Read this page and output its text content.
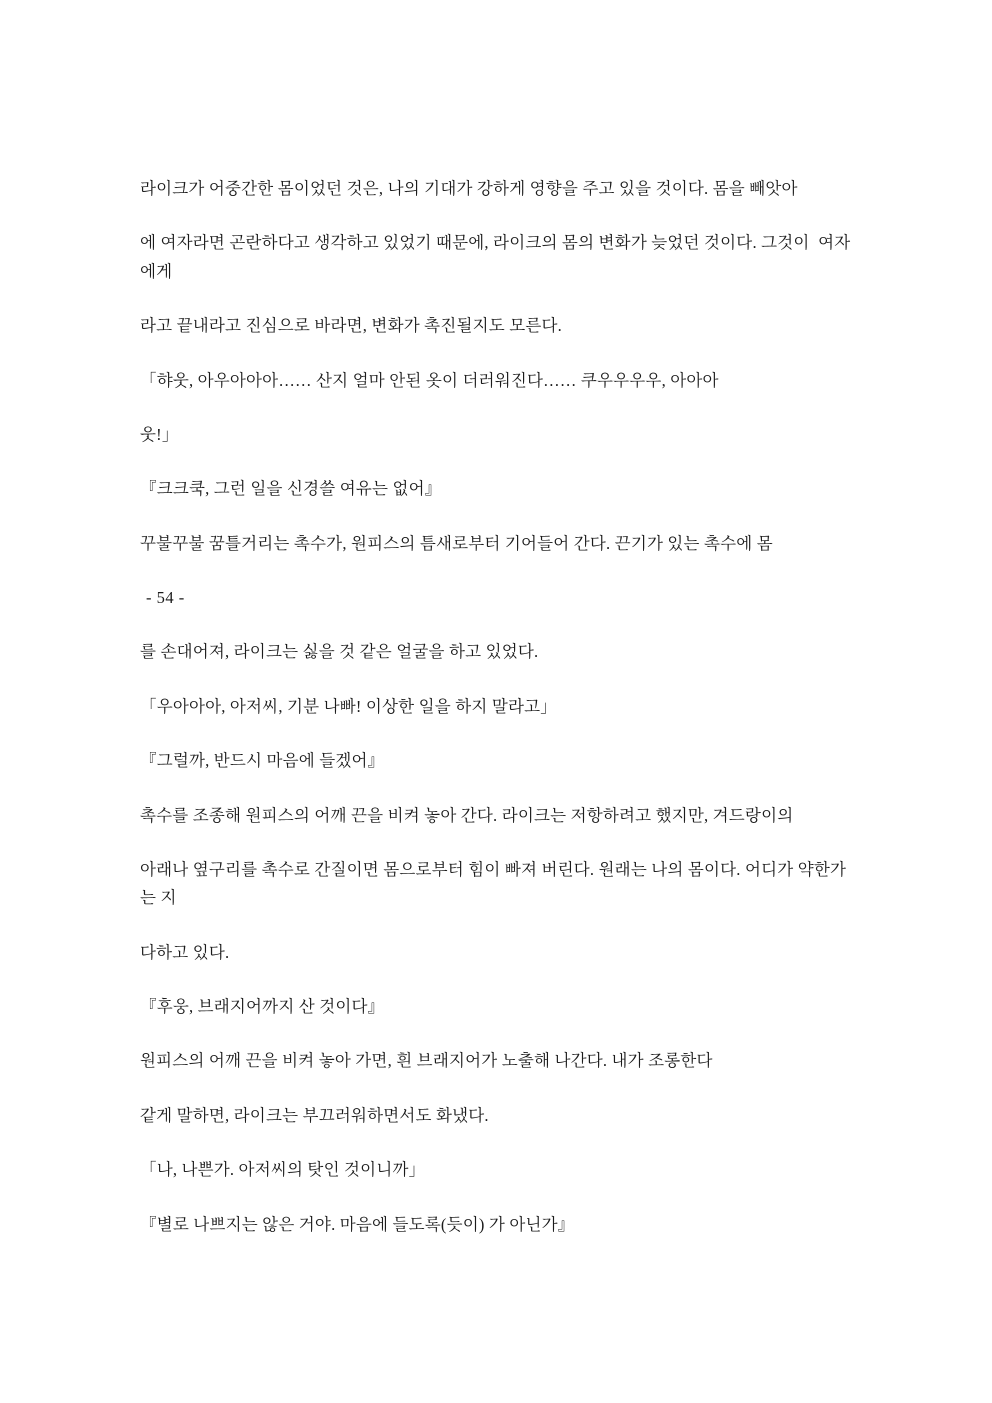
라이크가 어중간한 몸이었던 것은, 나의 기대가 강하게 영향을 주고 있을 것이다. 몸을 빼앗아

에 여자라면 곤란하다고 생각하고 있었기 때문에, 라이크의 몸의 변화가 늦었던 것이다. 그것이  여자에게

라고 끝내라고 진심으로 바라면, 변화가 촉진될지도 모른다.

「햐웃, 아우아아아…… 산지 얼마 안된 옷이 더러워진다…… 쿠우우우우, 아아아

웃!」

『크크쿡, 그런 일을 신경쓸 여유는 없어』

꾸불꾸불 꿈틀거리는 촉수가, 원피스의 틈새로부터 기어들어 간다. 끈기가 있는 촉수에 몸

- 54 -

를 손대어져, 라이크는 싫을 것 같은 얼굴을 하고 있었다.

「우아아아, 아저씨, 기분 나빠! 이상한 일을 하지 말라고」

『그럴까, 반드시 마음에 들겠어』

촉수를 조종해 원피스의 어깨 끈을 비켜 놓아 간다. 라이크는 저항하려고 했지만, 겨드랑이의

아래나 옆구리를 촉수로 간질이면 몸으로부터 힘이 빠져 버린다. 원래는 나의 몸이다. 어디가 약한가는 지

다하고 있다.

『후웅, 브래지어까지 산 것이다』

원피스의 어깨 끈을 비켜 놓아 가면, 흰 브래지어가 노출해 나간다. 내가 조롱한다

같게 말하면, 라이크는 부끄러워하면서도 화냈다.

「나, 나쁜가. 아저씨의 탓인 것이니까」

『별로 나쁘지는 않은 거야. 마음에 들도록(듯이) 가 아닌가』
